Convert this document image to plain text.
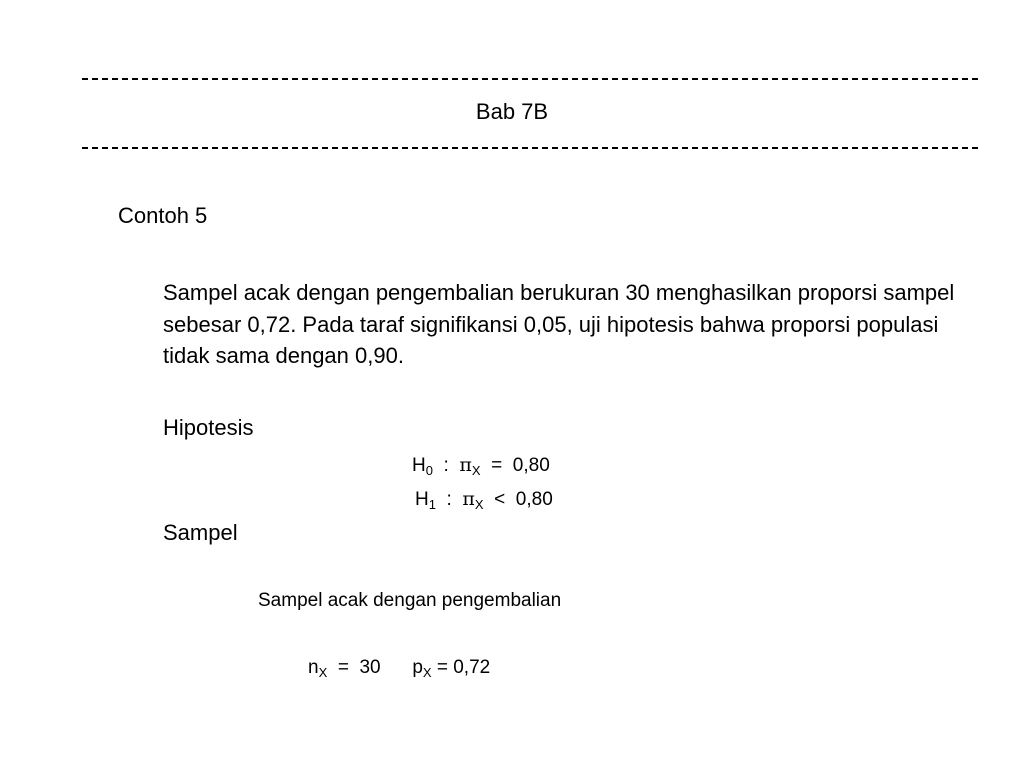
Bab 7B
Contoh 5
Sampel acak dengan pengembalian berukuran 30 menghasilkan proporsi sampel sebesar 0,72. Pada taraf signifikansi 0,05, uji hipotesis bahwa proporsi populasi tidak sama dengan 0,90.
Hipotesis
$H_0$ : $\pi_X = 0,80$
$H_1$ : $\pi_X < 0,80$
Sampel
Sampel acak dengan pengembalian
$n_X = 30$ $p_X = 0,72$
